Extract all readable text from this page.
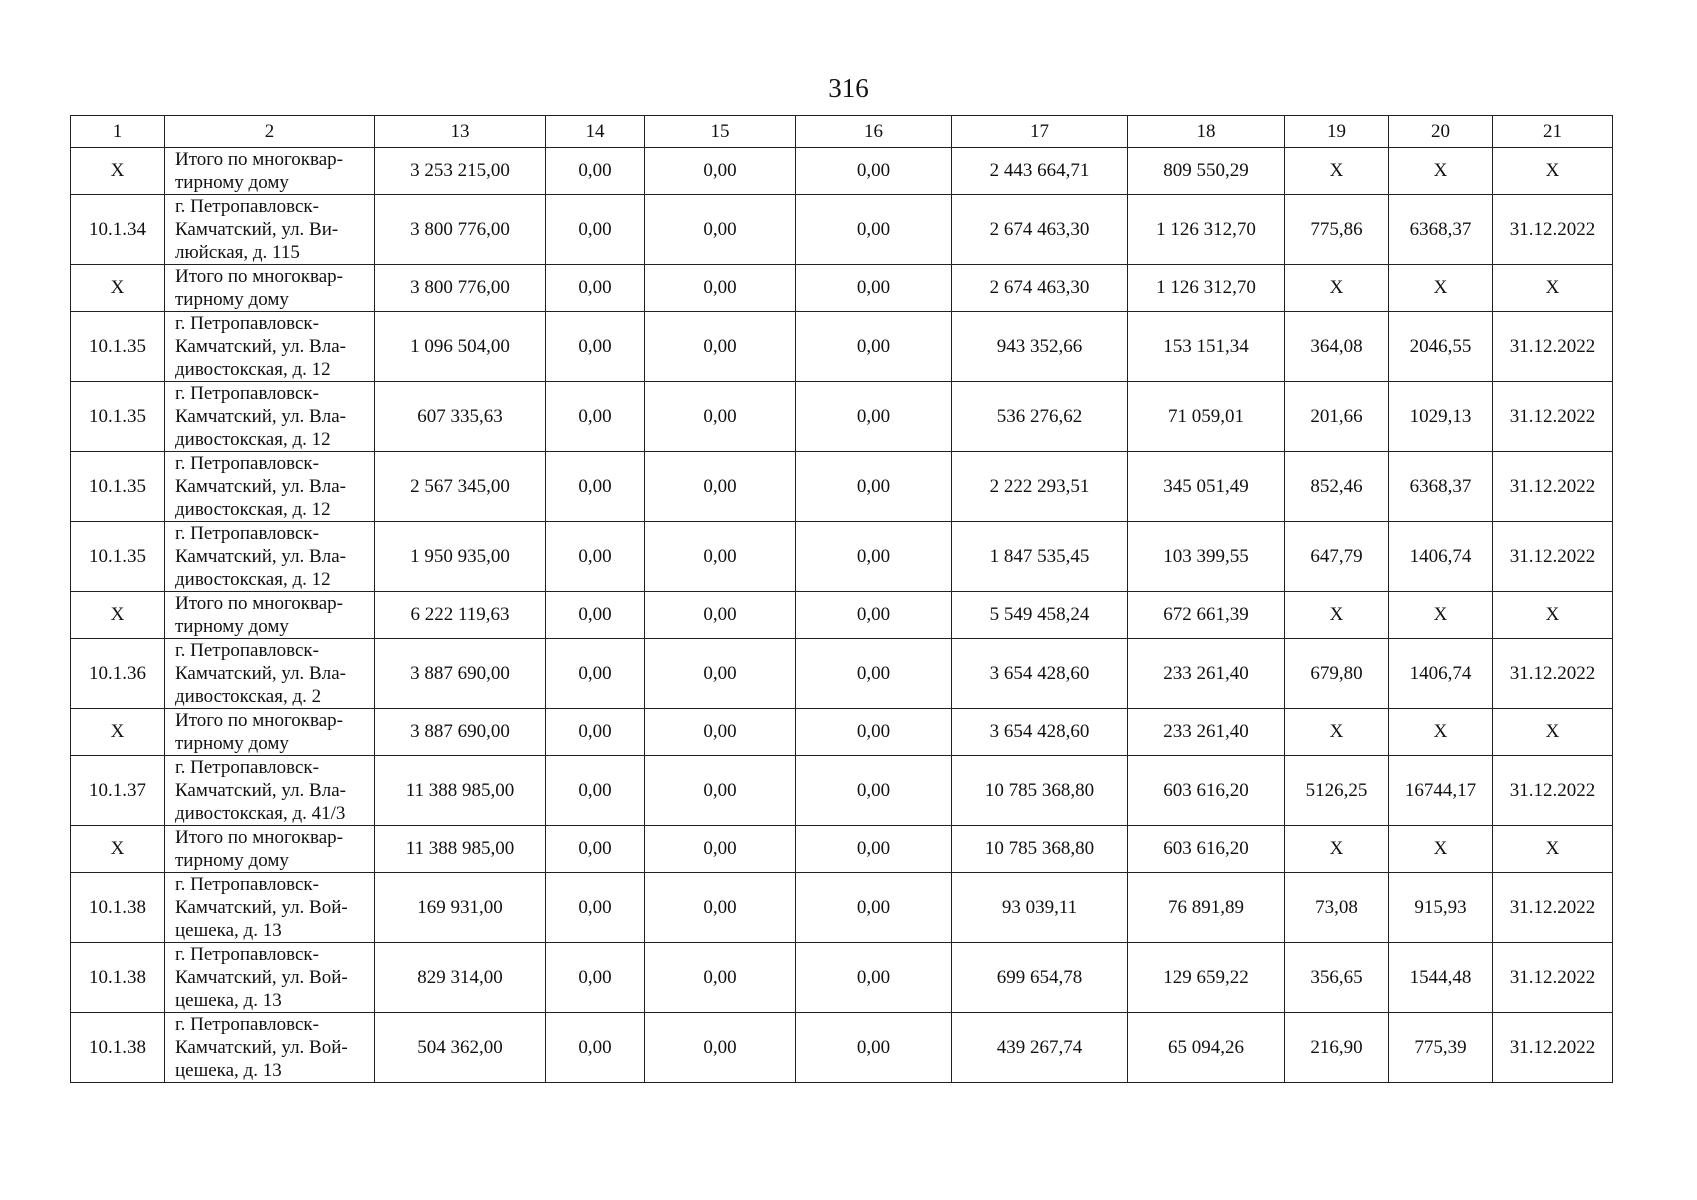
316
1	2	13	14	15	16	17	18	19	20	21
X	Итого по многоквар-
тирному дому	3 253 215,00	0,00	0,00	0,00	2 443 664,71	809 550,29	X	X	X
10.1.34	г. Петропавловск-
Камчатский, ул. Ви-
люйская, д. 115	3 800 776,00	0,00	0,00	0,00	2 674 463,30	1 126 312,70	775,86	6368,37	31.12.2022
X	Итого по многоквар-
тирному дому	3 800 776,00	0,00	0,00	0,00	2 674 463,30	1 126 312,70	X	X	X
10.1.35	г. Петропавловск-
Камчатский, ул. Вла-
дивостокская, д. 12	1 096 504,00	0,00	0,00	0,00	943 352,66	153 151,34	364,08	2046,55	31.12.2022
10.1.35	г. Петропавловск-
Камчатский, ул. Вла-
дивостокская, д. 12	607 335,63	0,00	0,00	0,00	536 276,62	71 059,01	201,66	1029,13	31.12.2022
10.1.35	г. Петропавловск-
Камчатский, ул. Вла-
дивостокская, д. 12	2 567 345,00	0,00	0,00	0,00	2 222 293,51	345 051,49	852,46	6368,37	31.12.2022
10.1.35	г. Петропавловск-
Камчатский, ул. Вла-
дивостокская, д. 12	1 950 935,00	0,00	0,00	0,00	1 847 535,45	103 399,55	647,79	1406,74	31.12.2022
X	Итого по многоквар-
тирному дому	6 222 119,63	0,00	0,00	0,00	5 549 458,24	672 661,39	X	X	X
10.1.36	г. Петропавловск-
Камчатский, ул. Вла-
дивостокская, д. 2	3 887 690,00	0,00	0,00	0,00	3 654 428,60	233 261,40	679,80	1406,74	31.12.2022
X	Итого по многоквар-
тирному дому	3 887 690,00	0,00	0,00	0,00	3 654 428,60	233 261,40	X	X	X
10.1.37	г. Петропавловск-
Камчатский, ул. Вла-
дивостокская, д. 41/3	11 388 985,00	0,00	0,00	0,00	10 785 368,80	603 616,20	5126,25	16744,17	31.12.2022
X	Итого по многоквар-
тирному дому	11 388 985,00	0,00	0,00	0,00	10 785 368,80	603 616,20	X	X	X
10.1.38	г. Петропавловск-
Камчатский, ул. Вой-
цешека, д. 13	169 931,00	0,00	0,00	0,00	93 039,11	76 891,89	73,08	915,93	31.12.2022
10.1.38	г. Петропавловск-
Камчатский, ул. Вой-
цешека, д. 13	829 314,00	0,00	0,00	0,00	699 654,78	129 659,22	356,65	1544,48	31.12.2022
10.1.38	г. Петропавловск-
Камчатский, ул. Вой-
цешека, д. 13	504 362,00	0,00	0,00	0,00	439 267,74	65 094,26	216,90	775,39	31.12.2022
